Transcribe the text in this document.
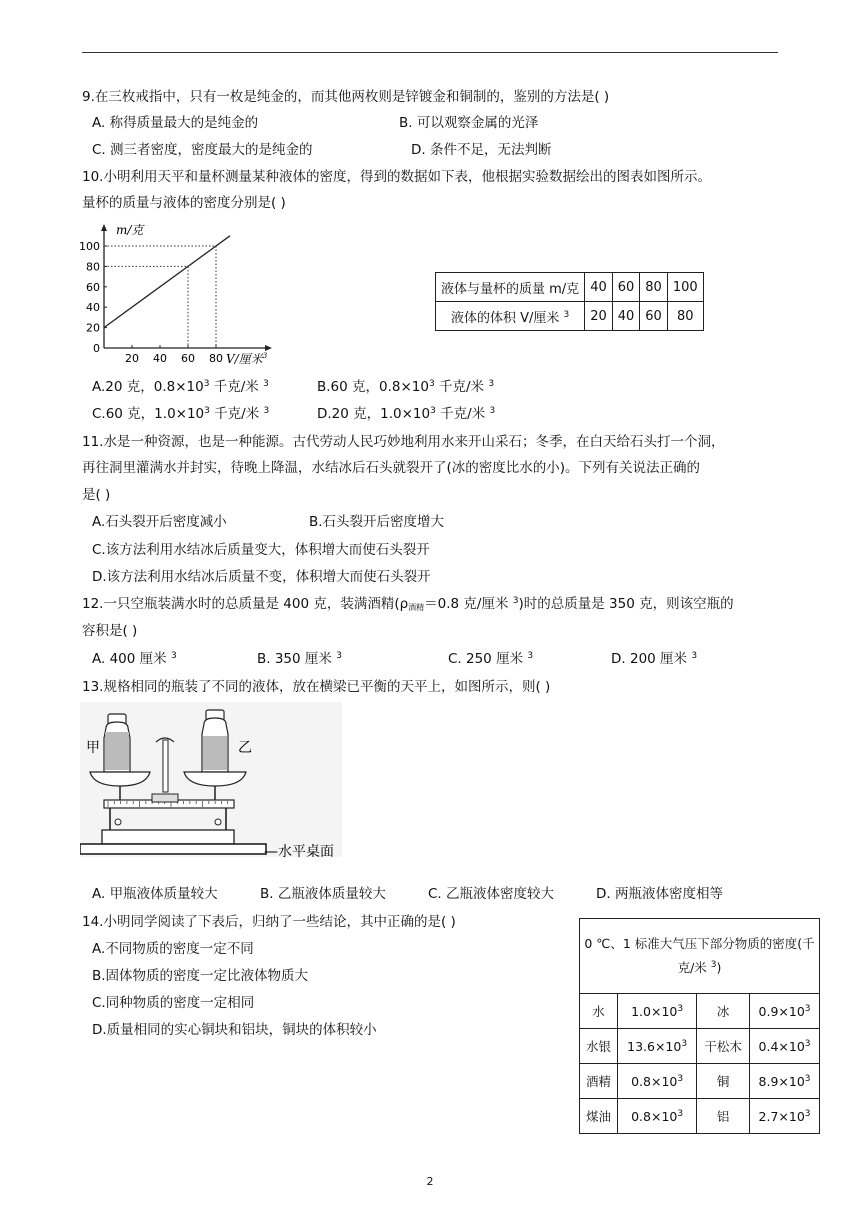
9.在三枚戒指中，只有一枚是纯金的，而其他两枚则是锌镀金和铜制的，鉴别的方法是( )
A. 称得质量最大的是纯金的	B. 可以观察金属的光泽
C. 测三者密度，密度最大的是纯金的	D. 条件不足，无法判断
10.小明利用天平和量杯测量某种液体的密度，得到的数据如下表，他根据实验数据绘出的图表如图所示。
量杯的质量与液体的密度分别是( )
m/克
100
80
60
40
20
0
20 40 60 80 V/厘米$^3$
液体与量杯的质量 m/克	40	60	80	100
液体的体积 V/厘米 $^3$	20	40	60	80
A.20 克，$0.8\times 10^3$ 千克/米 $^3$	B.60 克，$0.8\times 10^3$ 千克/米 $^3$
C.60 克，$1.0\times 10^3$ 千克/米 $^3$	D.20 克，$1.0\times 10^3$ 千克/米 $^3$
11.水是一种资源，也是一种能源。古代劳动人民巧妙地利用水来开山采石；冬季，在白天给石头打一个洞，
再往洞里灌满水并封实，待晚上降温，水结冰后石头就裂开了(冰的密度比水的小)。下列有关说法正确的
是( )
A.石头裂开后密度减小	B.石头裂开后密度增大
C.该方法利用水结冰后质量变大，体积增大而使石头裂开
D.该方法利用水结冰后质量不变，体积增大而使石头裂开
12.一只空瓶装满水时的总质量是 400 克，装满酒精($\rho_{酒精}=0.8$ 克/厘米 $^3$)时的总质量是 350 克，则该空瓶的
容积是( )
A. 400 厘米 $^3$	B. 350 厘米 $^3$	C. 250 厘米 $^3$	D. 200 厘米 $^3$
13.规格相同的瓶装了不同的液体，放在横梁已平衡的天平上，如图所示，则( )
甲	乙
—水平桌面
A. 甲瓶液体质量较大	B. 乙瓶液体质量较大	C. 乙瓶液体密度较大	D. 两瓶液体密度相等
14.小明同学阅读了下表后，归纳了一些结论，其中正确的是( )
A.不同物质的密度一定不同
B.固体物质的密度一定比液体物质大
C.同种物质的密度一定相同
D.质量相同的实心铜块和铝块，铜块的体积较小
0 ℃、1 标准大气压下部分物质的密度(千克/米 $^3$)			
水	$1.0\times 10^3$	冰	$0.9\times 10^3$
水银	$13.6\times 10^3$	干松木	$0.4\times 10^3$
酒精	$0.8\times 10^3$	铜	$8.9\times 10^3$
煤油	$0.8\times 10^3$	铝	$2.7\times 10^3$
2
